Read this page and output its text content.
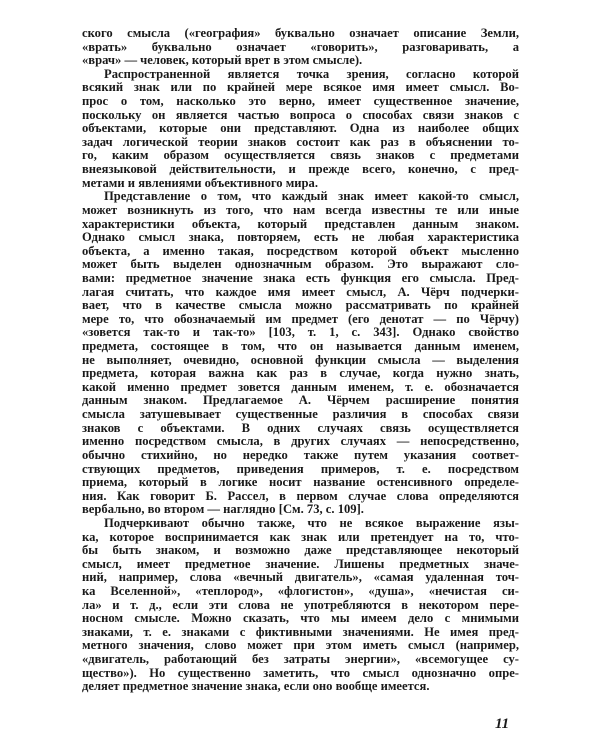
ского смысла («география» буквально означает описание Земли,
«врать» буквально означает «говорить», разговаривать, а
«врач» — человек, который врет в этом смысле).
Распространенной является точка зрения, согласно которой
всякий знак или по крайней мере всякое имя имеет смысл. Во-
прос о том, насколько это верно, имеет существенное значение,
поскольку он является частью вопроса о способах связи знаков с
объектами, которые они представляют. Одна из наиболее общих
задач логической теории знаков состоит как раз в объяснении то-
го, каким образом осуществляется связь знаков с предметами
внеязыковой действительности, и прежде всего, конечно, с пред-
метами и явлениями объективного мира.
Представление о том, что каждый знак имеет какой-то смысл,
может возникнуть из того, что нам всегда известны те или иные
характеристики объекта, который представлен данным знаком.
Однако смысл знака, повторяем, есть не любая характеристика
объекта, а именно такая, посредством которой объект мысленно
может быть выделен однозначным образом. Это выражают сло-
вами: предметное значение знака есть функция его смысла. Пред-
лагая считать, что каждое имя имеет смысл, А. Чёрч подчерки-
вает, что в качестве смысла можно рассматривать по крайней
мере то, что обозначаемый им предмет (его денотат — по Чёрчу)
«зовется так-то и так-то» [103, т. 1, с. 343]. Однако свойство
предмета, состоящее в том, что он называется данным именем,
не выполняет, очевидно, основной функции смысла — выделения
предмета, которая важна как раз в случае, когда нужно знать,
какой именно предмет зовется данным именем, т. е. обозначается
данным знаком. Предлагаемое А. Чёрчем расширение понятия
смысла затушевывает существенные различия в способах связи
знаков с объектами. В одних случаях связь осуществляется
именно посредством смысла, в других случаях — непосредственно,
обычно стихийно, но нередко также путем указания соответ-
ствующих предметов, приведения примеров, т. е. посредством
приема, который в логике носит название остенсивного определе-
ния. Как говорит Б. Рассел, в первом случае слова определяются
вербально, во втором — наглядно [См. 73, с. 109].
Подчеркивают обычно также, что не всякое выражение язы-
ка, которое воспринимается как знак или претендует на то, что-
бы быть знаком, и возможно даже представляющее некоторый
смысл, имеет предметное значение. Лишены предметных значе-
ний, например, слова «вечный двигатель», «самая удаленная точ-
ка Вселенной», «теплород», «флогистон», «душа», «нечистая си-
ла» и т. д., если эти слова не употребляются в некотором пере-
носном смысле. Можно сказать, что мы имеем дело с мнимыми
знаками, т. е. знаками с фиктивными значениями. Не имея пред-
метного значения, слово может при этом иметь смысл (например,
«двигатель, работающий без затраты энергии», «всемогущее су-
щество»). Но существенно заметить, что смысл однозначно опре-
деляет предметное значение знака, если оно вообще имеется.
11
